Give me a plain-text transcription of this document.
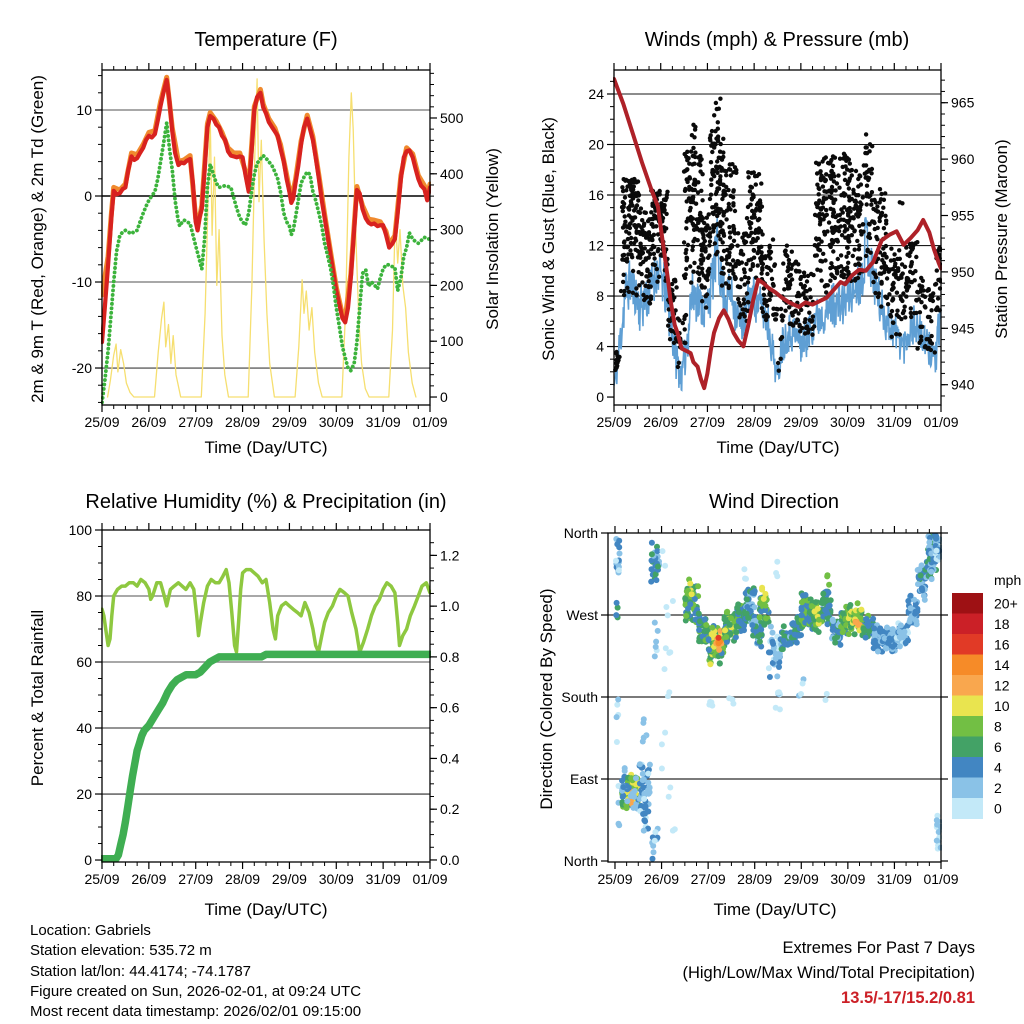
25/09 26/09 27/09 28/09 29/09 30/09 31/09 01/09
-20
-10
0
10
0
100
200
300
400
500
25/09 26/09 27/09 28/09 29/09 30/09 31/09 01/09
0
4
8
12
16
20
24
940
945
950
955
960
965
25/09 26/09 27/09 28/09 29/09 30/09 31/09 01/09
0
20
40
60
80
100
0.0
0.2
0.4
0.6
0.8
1.0
1.2
25/09 26/09 27/09 28/09 29/09 30/09 31/09 01/09
North
West
South
East
North
20+
18
16
14
12
10
8
6
4
2
0
mph
Temperature (F)	Winds (mph) & Pressure (mb)
Relative Humidity (%) & Precipitation (in)	Wind Direction
Time (Day/UTC)	Time (Day/UTC)
Time (Day/UTC)	Time (Day/UTC)
2m & 9m T (Red, Orange) & 2m Td (Green)	Solar Insolation (Yellow) Sonic Wind & Gust (Blue, Black)	Station Pressure (Maroon)
Percent & Total Rainfall	Direction (Colored By Speed)
Location: Gabriels
Station elevation: 535.72 m
Station lat/lon: 44.4174; -74.1787
Figure created on Sun, 2026-02-01, at 09:24 UTC
Most recent data timestamp: 2026/02/01 09:15:00
Extremes For Past 7 Days
(High/Low/Max Wind/Total Precipitation)
13.5/-17/15.2/0.81
